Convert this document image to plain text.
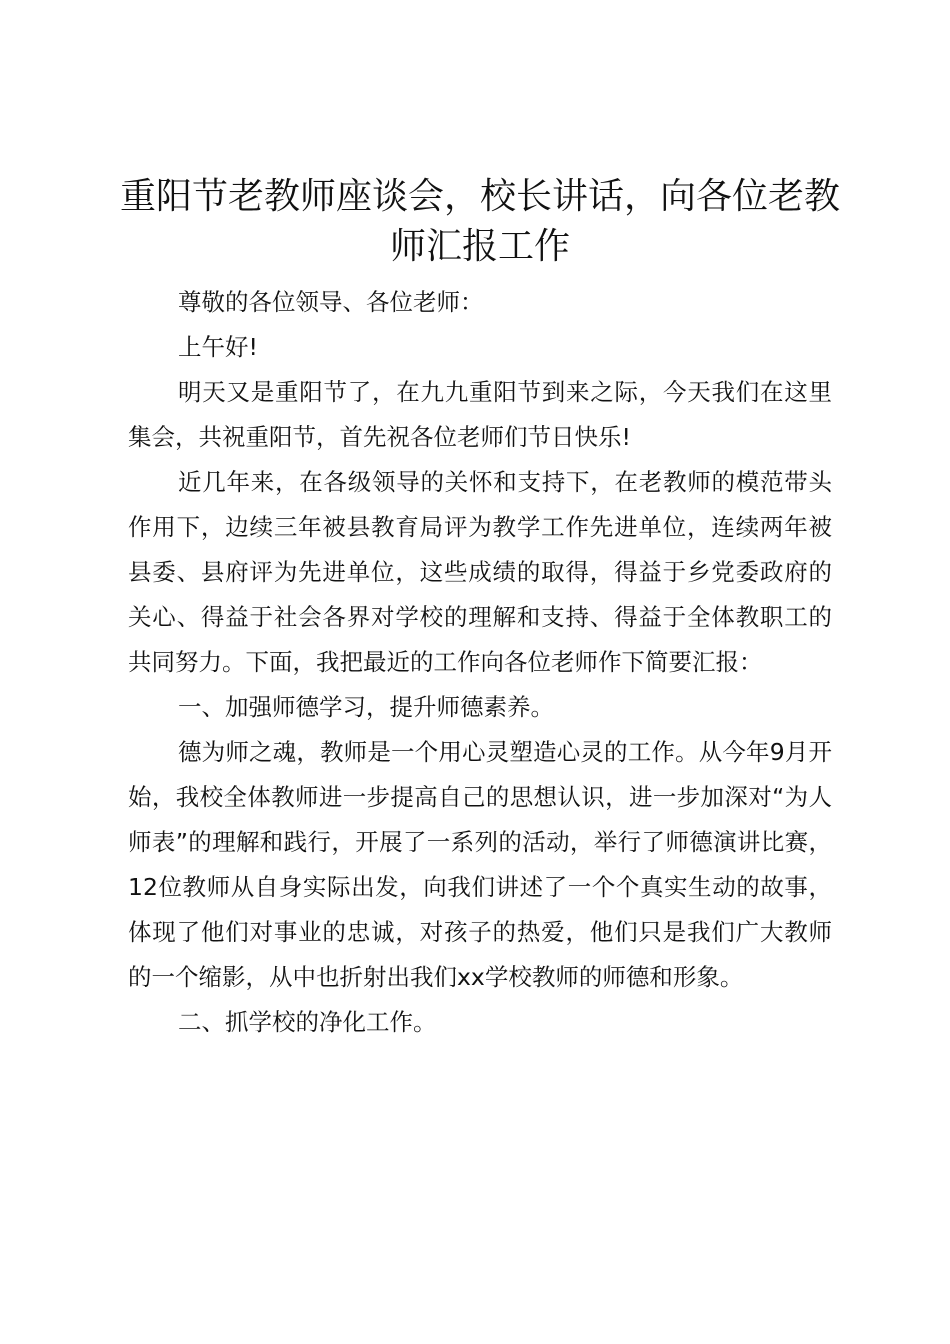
重阳节老教师座谈会，校长讲话，向各位老教师汇报工作

尊敬的各位领导、各位老师：

上午好!

明天又是重阳节了，在九九重阳节到来之际，今天我们在这里集会，共祝重阳节，首先祝各位老师们节日快乐!

近几年来，在各级领导的关怀和支持下，在老教师的模范带头作用下，边续三年被县教育局评为教学工作先进单位，连续两年被县委、县府评为先进单位，这些成绩的取得，得益于乡党委政府的关心、得益于社会各界对学校的理解和支持、得益于全体教职工的共同努力。下面，我把最近的工作向各位老师作下简要汇报：

一、加强师德学习，提升师德素养。

德为师之魂，教师是一个用心灵塑造心灵的工作。从今年9月开始，我校全体教师进一步提高自己的思想认识，进一步加深对“为人师表”的理解和践行，开展了一系列的活动，举行了师德演讲比赛，12位教师从自身实际出发，向我们讲述了一个个真实生动的故事，体现了他们对事业的忠诚，对孩子的热爱，他们只是我们广大教师的一个缩影，从中也折射出我们xx学校教师的师德和形象。

二、抓学校的净化工作。
